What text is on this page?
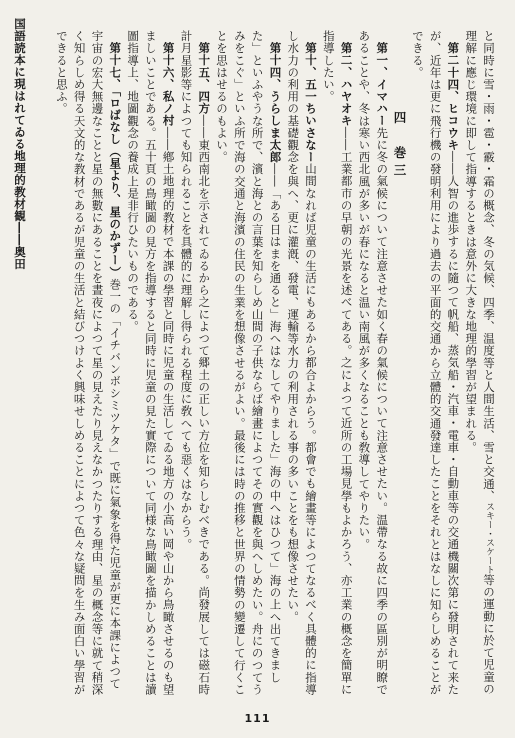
国語読本に現はれてゐる地理的教材観――奥田	と同時に雪・雨・雹・霰・霜の概念、冬の気候、四季、温度等と人間生活、雪と交通、スキー・スケート等の運動に於て児童の理解に應じ環境に即して指導するときは意外に大きな地理的學習が望まれる。

第二十四、ヒコウキ――人智の進歩するに隨つて帆船、蒸気船・汽車・電車・自動車等の交通機關次第に發明されて来たが、近年は更に飛行機の發明利用により過去の平面的交通から立體的交通發達したことをそれとはなしに知らしめることができる。

四　巻三

第一、イマハー先に冬の氣候について注意させた如く春の氣候について注意させたい。温帶なる故に四季の區別が明瞭であることや、冬は寒い西北風が多いが春になると温い南風が多くなることも敎導してやりたい。

第二、ハヤオキ――工業都市の早朝の光景を述べてある。之によつて近所の工場見學もよかろう、亦工業の概念を簡單に指導したい。

第十、五一ちいさなー山間なれば児童の生活にもあるから都合よからう。都會でも繪畫等によつてなるべく具體的に指導し水力の利用の基礎觀念を與へ、更に灌漑、發電、運輸等水力の利用される事の多いことをも想像させたい。

第十四、うらしま太郎――「ある日はまを通ると」海へはなしてやりました」海の中へはひつて」海の上へ出てきました」といふやうな所で、濱と海との言葉を知らしめ山間の子供ならば繪畫によつてその實觀を與へしめたい。舟にのつてうみをこぐ」といふ所で海の交通と海濱の住民の生業を想像させるがよい。最後には時の推移と世界の情勢の變遷して行くことを思はせるのもよい。

第十五、四方――東西南北を示されてゐるから之によつて郷土の正しい方位を知らしむべきである。尚發展しては磁石時計月星影等によつても知られることを具體的に理解し得られる程度に敎へても惡くはなからう。

第十六、私ノ村――鄕土地理的教材で本課の學習と同時に児童の生活してゐる地方の小高い岡や山から鳥瞰させるのも望ましいことである。五十頁の鳥瞰圖の見方を指導すると同時に児童の見た實際について同様な鳥瞰圖を描かしめることは讀圖指導上、地圖觀念の養成上是非行ひたいものである。

第十七、「ロばなし（星より、星のかずー）巻一の「イチバンボシミツケタ」で既に氣象を得た児童が更に本課によつて宇宙の宏大無邊なことと星の無數にあることを晝夜によつて星の見えたり見えなかつたりする理由、星の概念等に就て稍深く知らしめ得る天文的な教材であるが児童の生活と結びつけよく興味せしめることによつて色々な疑問を生み面白い學習ができると思ふ。

111
